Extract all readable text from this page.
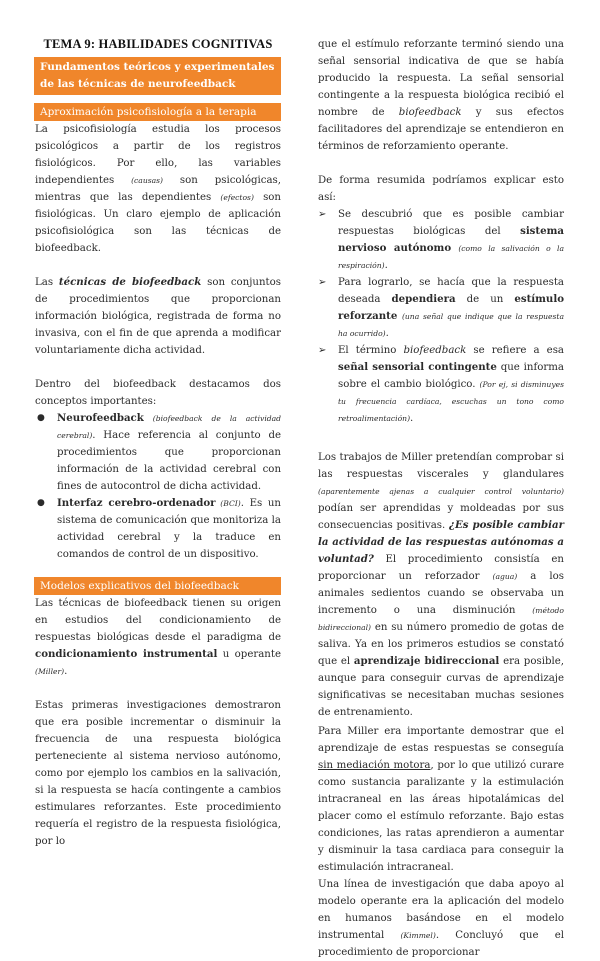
TEMA 9: HABILIDADES COGNITIVAS
Fundamentos teóricos y experimentales de las técnicas de neurofeedback
Aproximación psicofisiología a la terapia

La psicofisiología estudia los procesos psicológicos a partir de los registros fisiológicos. Por ello, las variables independientes (causas) son psicológicas, mientras que las dependientes (efectos) son fisiológicas. Un claro ejemplo de aplicación psicofisiológica son las técnicas de biofeedback.

Las técnicas de biofeedback son conjuntos de procedimientos que proporcionan información biológica, registrada de forma no invasiva, con el fin de que aprenda a modificar voluntariamente dicha actividad.

Dentro del biofeedback destacamos dos conceptos importantes:

● Neurofeedback (biofeedback de la actividad cerebral). Hace referencia al conjunto de procedimientos que proporcionan información de la actividad cerebral con fines de autocontrol de dicha actividad.
● Interfaz cerebro-ordenador (BCI). Es un sistema de comunicación que monitoriza la actividad cerebral y la traduce en comandos de control de un dispositivo.
Modelos explicativos del biofeedback

Las técnicas de biofeedback tienen su origen en estudios del condicionamiento de respuestas biológicas desde el paradigma de condicionamiento instrumental u operante (Miller).

Estas primeras investigaciones demostraron que era posible incrementar o disminuir la frecuencia de una respuesta biológica perteneciente al sistema nervioso autónomo, como por ejemplo los cambios en la salivación, si la respuesta se hacía contingente a cambios estimulares reforzantes. Este procedimiento requería el registro de la respuesta fisiológica, por lo

que el estímulo reforzante terminó siendo una señal sensorial indicativa de que se había producido la respuesta. La señal sensorial contingente a la respuesta biológica recibió el nombre de biofeedback y sus efectos facilitadores del aprendizaje se entendieron en términos de reforzamiento operante.

De forma resumida podríamos explicar esto así:

➢ Se descubrió que es posible cambiar respuestas biológicas del sistema nervioso autónomo (como la salivación o la respiración).
➢ Para lograrlo, se hacía que la respuesta deseada dependiera de un estímulo reforzante (una señal que indique que la respuesta ha ocurrido).
➢ El término biofeedback se refiere a esa señal sensorial contingente que informa sobre el cambio biológico. (Por ej, si disminuyes tu frecuencia cardíaca, escuchas un tono como retroalimentación).

Los trabajos de Miller pretendían comprobar si las respuestas viscerales y glandulares (aparentemente ajenas a cualquier control voluntario) podían ser aprendidas y moldeadas por sus consecuencias positivas. ¿Es posible cambiar la actividad de las respuestas autónomas a voluntad? El procedimiento consistía en proporcionar un reforzador (agua) a los animales sedientos cuando se observaba un incremento o una disminución (método bidireccional) en su número promedio de gotas de saliva. Ya en los primeros estudios se constató que el aprendizaje bidireccional era posible, aunque para conseguir curvas de aprendizaje significativas se necesitaban muchas sesiones de entrenamiento.

Para Miller era importante demostrar que el aprendizaje de estas respuestas se conseguía sin mediación motora, por lo que utilizó curare como sustancia paralizante y la estimulación intracraneal en las áreas hipotalámicas del placer como el estímulo reforzante. Bajo estas condiciones, las ratas aprendieron a aumentar y disminuir la tasa cardiaca para conseguir la estimulación intracraneal.

Una línea de investigación que daba apoyo al modelo operante era la aplicación del modelo en humanos basándose en el modelo instrumental (Kimmel). Concluyó que el procedimiento de proporcionar
